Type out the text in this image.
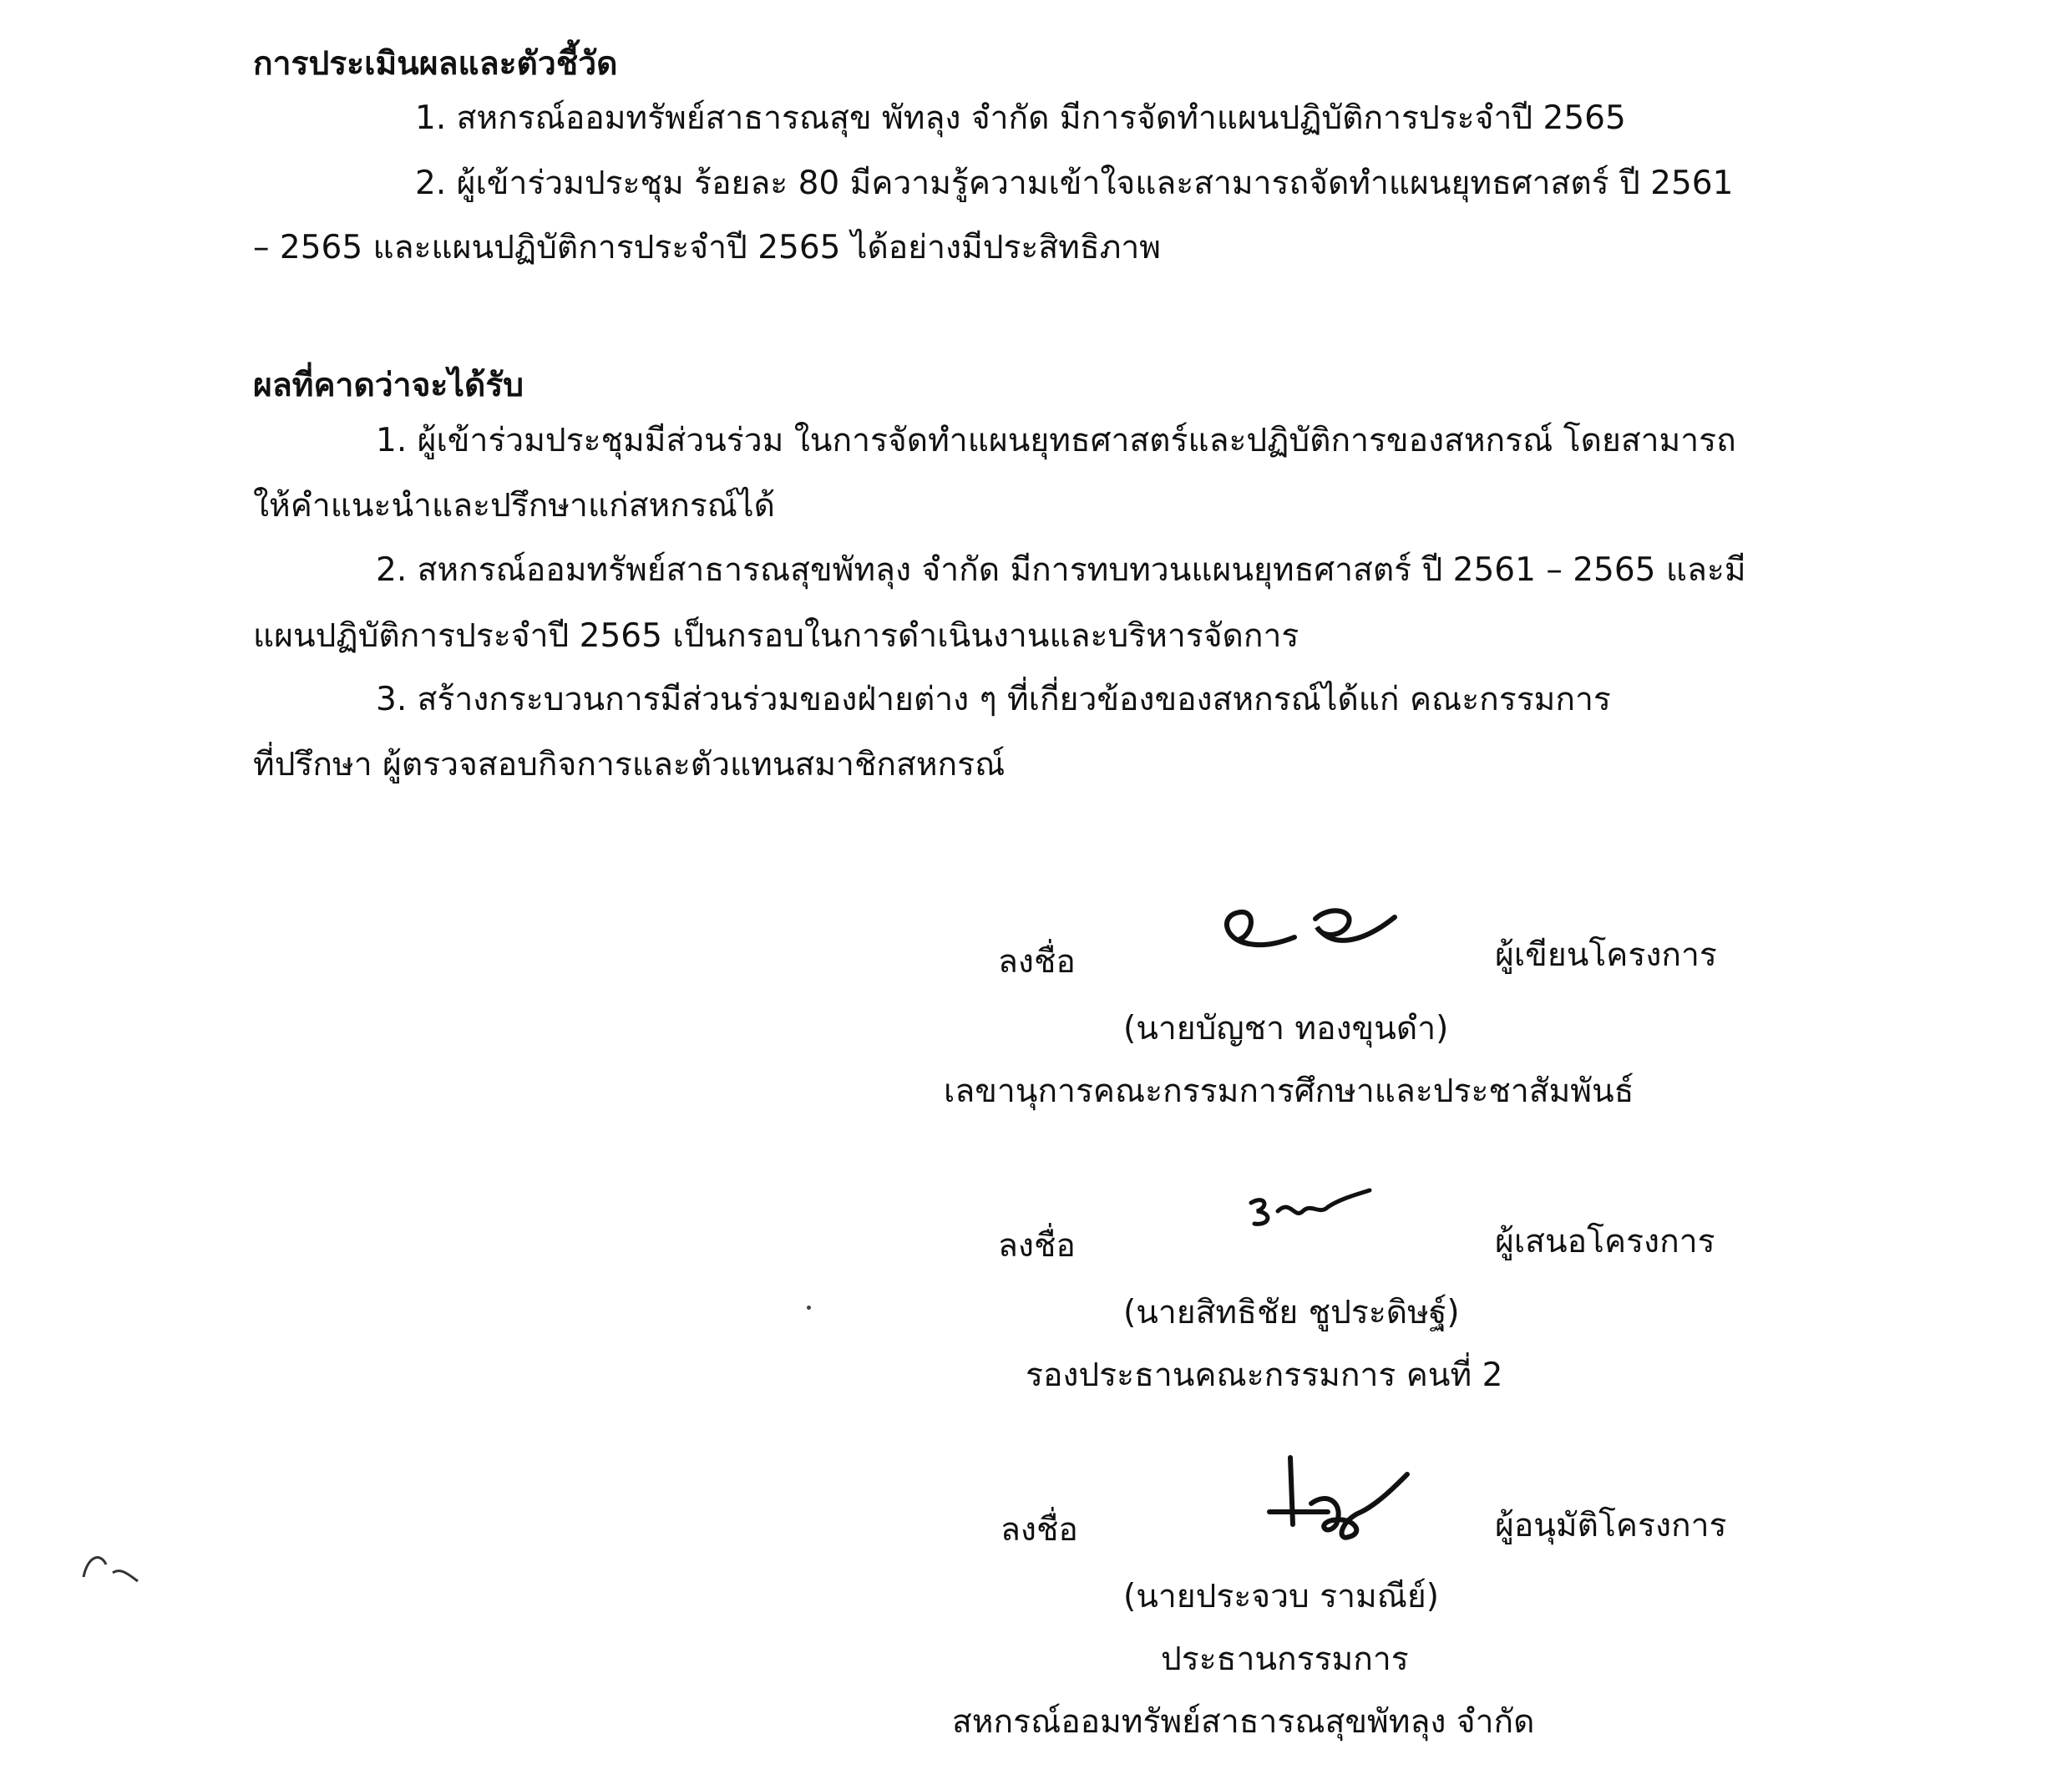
การประเมินผลและตัวชี้วัด
1. สหกรณ์ออมทรัพย์สาธารณสุข พัทลุง จำกัด มีการจัดทำแผนปฏิบัติการประจำปี 2565
2. ผู้เข้าร่วมประชุม ร้อยละ 80 มีความรู้ความเข้าใจและสามารถจัดทำแผนยุทธศาสตร์ ปี 2561
– 2565 และแผนปฏิบัติการประจำปี 2565 ได้อย่างมีประสิทธิภาพ
ผลที่คาดว่าจะได้รับ
1. ผู้เข้าร่วมประชุมมีส่วนร่วม ในการจัดทำแผนยุทธศาสตร์และปฏิบัติการของสหกรณ์ โดยสามารถ
ให้คำแนะนำและปรึกษาแก่สหกรณ์ได้
2. สหกรณ์ออมทรัพย์สาธารณสุขพัทลุง จำกัด มีการทบทวนแผนยุทธศาสตร์ ปี 2561 – 2565 และมี
แผนปฏิบัติการประจำปี 2565 เป็นกรอบในการดำเนินงานและบริหารจัดการ
3. สร้างกระบวนการมีส่วนร่วมของฝ่ายต่าง ๆ ที่เกี่ยวข้องของสหกรณ์ได้แก่ คณะกรรมการ
ที่ปรึกษา ผู้ตรวจสอบกิจการและตัวแทนสมาชิกสหกรณ์
ลงชื่อ	ผู้เขียนโครงการ
(นายบัญชา ทองขุนดำ)
เลขานุการคณะกรรมการศึกษาและประชาสัมพันธ์
ลงชื่อ	ผู้เสนอโครงการ
(นายสิทธิชัย ชูประดิษฐ์)
รองประธานคณะกรรมการ คนที่ 2
ลงชื่อ	ผู้อนุมัติโครงการ
(นายประจวบ รามณีย์)
ประธานกรรมการ
สหกรณ์ออมทรัพย์สาธารณสุขพัทลุง จำกัด
